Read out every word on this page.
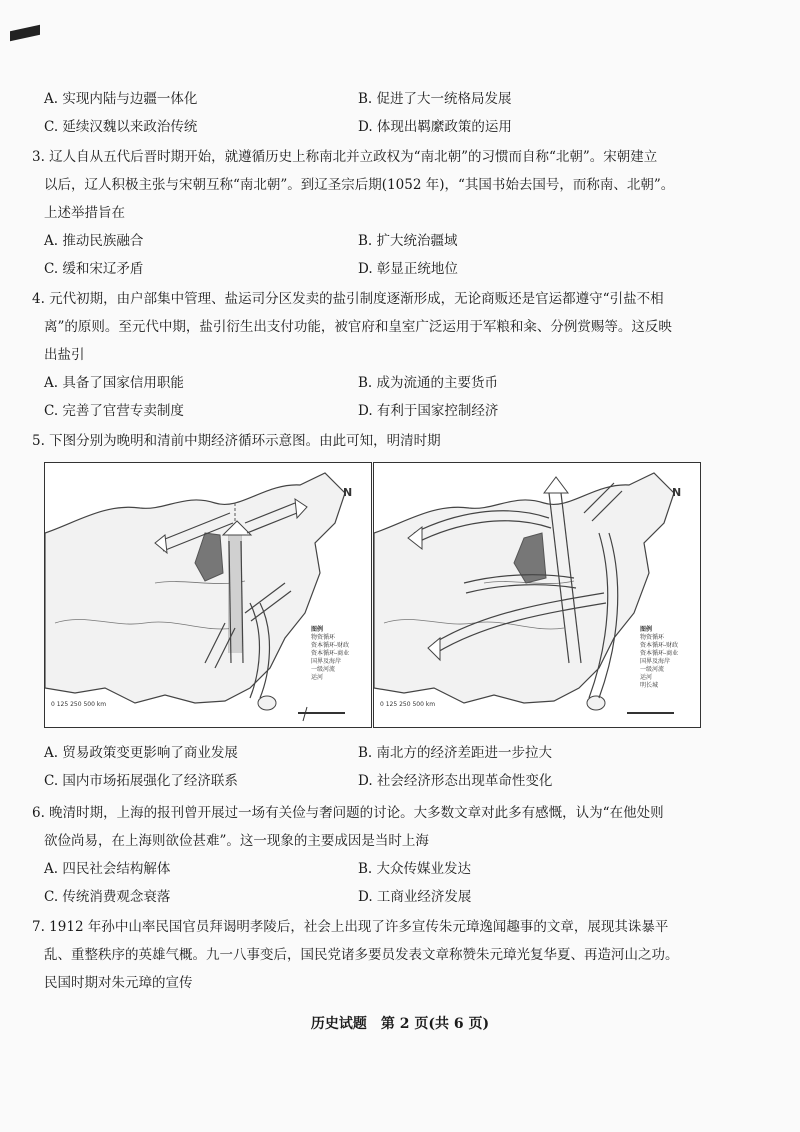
A. 实现内陆与边疆一体化	B. 促进了大一统格局发展
C. 延续汉魏以来政治传统	D. 体现出羁縻政策的运用
3. 辽人自从五代后晋时期开始，就遵循历史上称南北并立政权为“南北朝”的习惯而自称“北朝”。宋朝建立
以后，辽人积极主张与宋朝互称“南北朝”。到辽圣宗后期(1052 年)，“其国书始去国号，而称南、北朝”。
上述举措旨在
A. 推动民族融合	B. 扩大统治疆域
C. 缓和宋辽矛盾	D. 彰显正统地位
4. 元代初期，由户部集中管理、盐运司分区发卖的盐引制度逐渐形成，无论商贩还是官运都遵守“引盐不相
离”的原则。至元代中期，盐引衍生出支付功能，被官府和皇室广泛运用于军粮和籴、分例赏赐等。这反映
出盐引
A. 具备了国家信用职能	B. 成为流通的主要货币
C. 完善了官营专卖制度	D. 有利于国家控制经济
5. 下图分别为晚明和清前中期经济循环示意图。由此可知，明清时期
0 125 250 500 km
N
图例
物资循环
资本循环-财政
资本循环-商业
国界及海岸
一级河流
运河
0 125 250 500 km
N
图例
物资循环
资本循环-财政
资本循环-商业
国界及海岸
一级河流
运河
明长城
A. 贸易政策变更影响了商业发展	B. 南北方的经济差距进一步拉大
C. 国内市场拓展强化了经济联系	D. 社会经济形态出现革命性变化
6. 晚清时期，上海的报刊曾开展过一场有关俭与奢问题的讨论。大多数文章对此多有感慨，认为“在他处则
欲俭尚易，在上海则欲俭甚难”。这一现象的主要成因是当时上海
A. 四民社会结构解体	B. 大众传媒业发达
C. 传统消费观念衰落	D. 工商业经济发展
7. 1912 年孙中山率民国官员拜谒明孝陵后，社会上出现了许多宣传朱元璋逸闻趣事的文章，展现其诛暴平
乱、重整秩序的英雄气概。九一八事变后，国民党诸多要员发表文章称赞朱元璋光复华夏、再造河山之功。
民国时期对朱元璋的宣传
历史试题　第 2 页(共 6 页)
